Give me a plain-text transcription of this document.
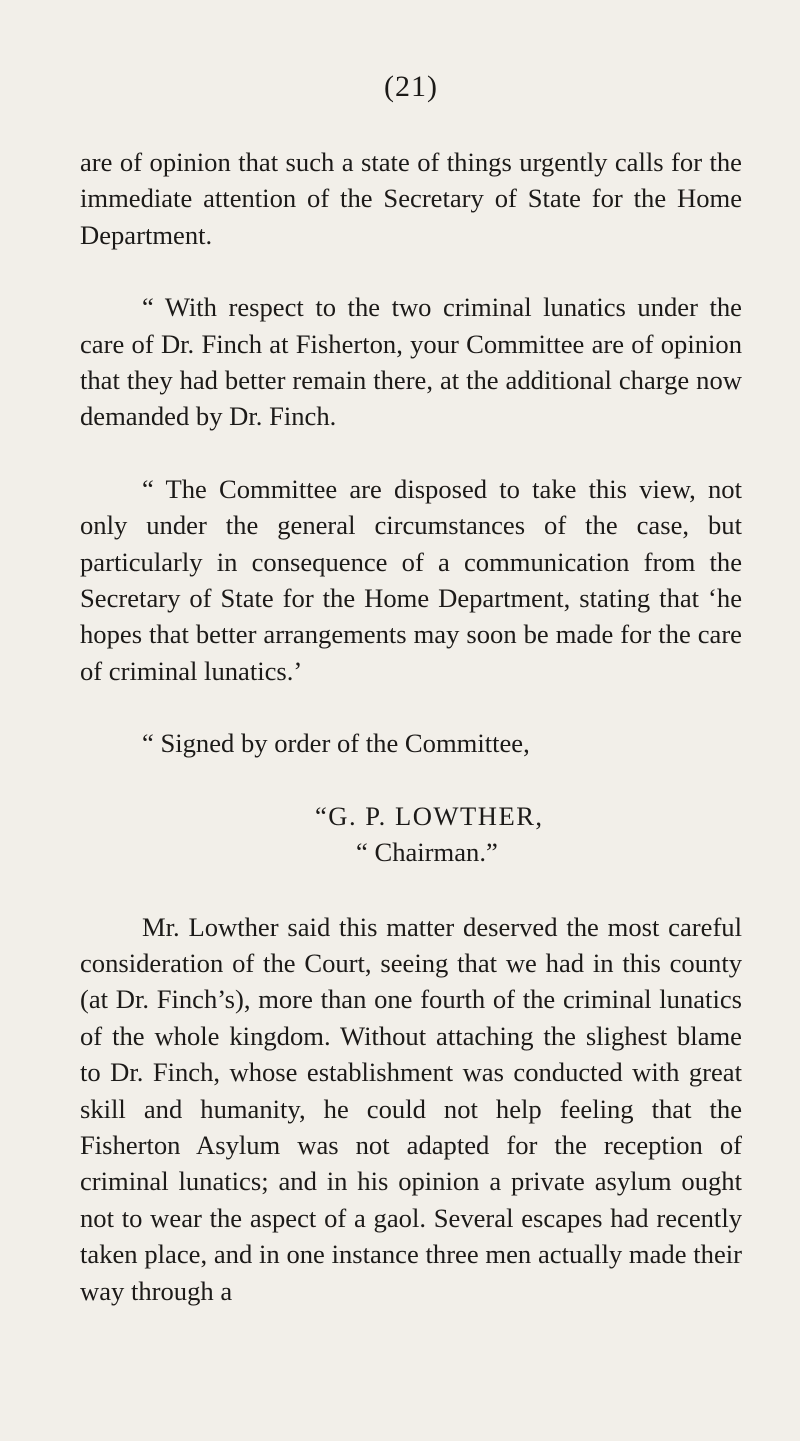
(21)

are of opinion that such a state of things urgently calls for the immediate attention of the Secretary of State for the Home Department.

“ With respect to the two criminal lunatics under the care of Dr. Finch at Fisherton, your Committee are of opinion that they had better remain there, at the additional charge now demanded by Dr. Finch.

“ The Committee are disposed to take this view, not only under the general circumstances of the case, but particularly in consequence of a communication from the Secretary of State for the Home Department, stating that ‘he hopes that better arrangements may soon be made for the care of criminal lunatics.’

“ Signed by order of the Committee,

“G. P. LOWTHER,
“ Chairman.”

Mr. Lowther said this matter deserved the most careful consideration of the Court, seeing that we had in this county (at Dr. Finch’s), more than one fourth of the criminal lunatics of the whole kingdom. Without attaching the slighest blame to Dr. Finch, whose establishment was conducted with great skill and humanity, he could not help feeling that the Fisherton Asylum was not adapted for the reception of criminal lunatics; and in his opinion a private asylum ought not to wear the aspect of a gaol. Several escapes had recently taken place, and in one instance three men actually made their way through a
